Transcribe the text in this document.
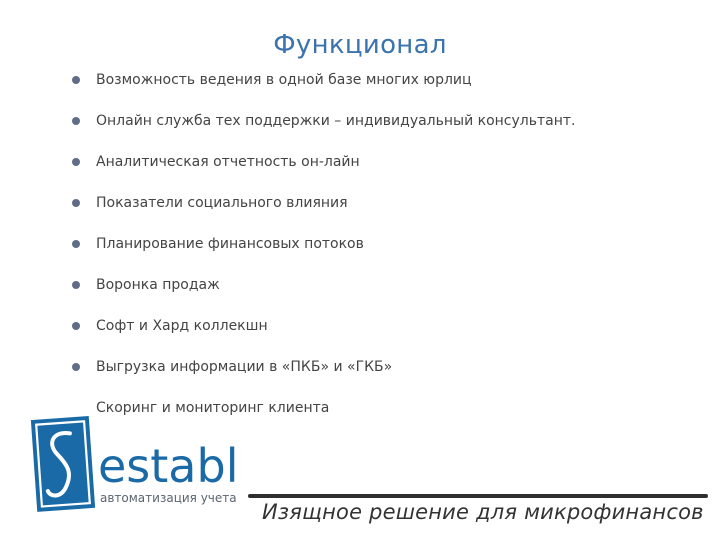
Функционал
Возможность ведения в одной базе многих юрлиц
Онлайн служба тех поддержки – индивидуальный консультант.
Аналитическая отчетность он-лайн
Показатели социального влияния
Планирование финансовых потоков
Воронка продаж
Софт и Хард коллекшн
Выгрузка информации в «ПКБ» и «ГКБ»
Скоринг и мониторинг клиента
establ
автоматизация учета
Изящное решение для микрофинансов
